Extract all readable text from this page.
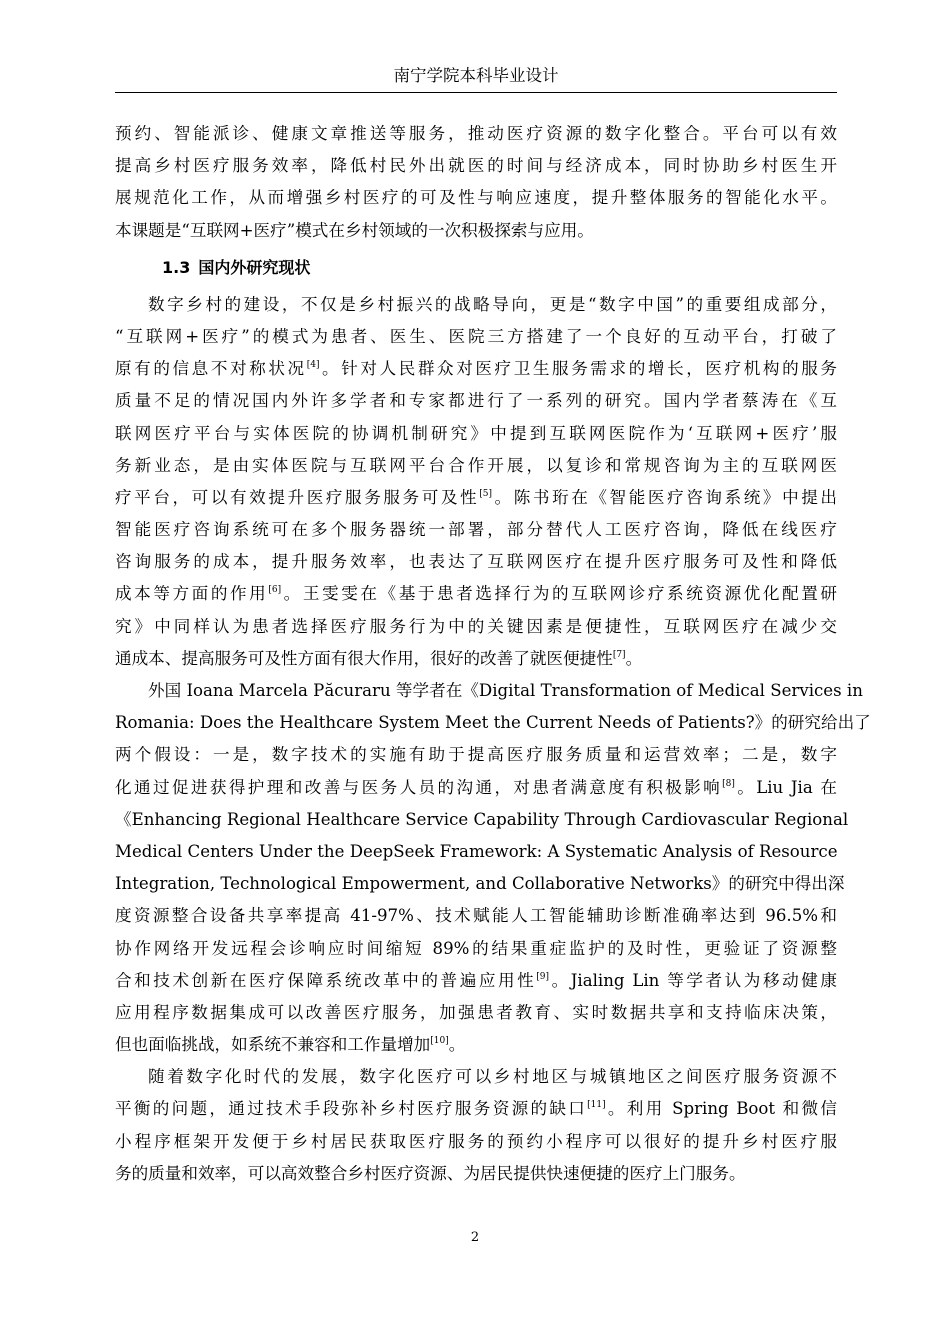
南宁学院本科毕业设计
预约、智能派诊、健康文章推送等服务，推动医疗资源的数字化整合。平台可以有效
提高乡村医疗服务效率，降低村民外出就医的时间与经济成本，同时协助乡村医生开
展规范化工作，从而增强乡村医疗的可及性与响应速度，提升整体服务的智能化水平。
本课题是“互联网+医疗”模式在乡村领域的一次积极探索与应用。
1.3 国内外研究现状
数字乡村的建设，不仅是乡村振兴的战略导向，更是“数字中国”的重要组成部分，
“互联网+医疗”的模式为患者、医生、医院三方搭建了一个良好的互动平台，打破了
原有的信息不对称状况[4]。针对人民群众对医疗卫生服务需求的增长，医疗机构的服务
质量不足的情况国内外许多学者和专家都进行了一系列的研究。国内学者蔡涛在《互
联网医疗平台与实体医院的协调机制研究》中提到互联网医院作为‘互联网+医疗’服
务新业态，是由实体医院与互联网平台合作开展，以复诊和常规咨询为主的互联网医
疗平台，可以有效提升医疗服务服务可及性[5]。陈书珩在《智能医疗咨询系统》中提出
智能医疗咨询系统可在多个服务器统一部署，部分替代人工医疗咨询，降低在线医疗
咨询服务的成本，提升服务效率，也表达了互联网医疗在提升医疗服务可及性和降低
成本等方面的作用[6]。王雯雯在《基于患者选择行为的互联网诊疗系统资源优化配置研
究》中同样认为患者选择医疗服务行为中的关键因素是便捷性，互联网医疗在减少交
通成本、提高服务可及性方面有很大作用，很好的改善了就医便捷性[7]。
外国 Ioana Marcela Păcuraru 等学者在《Digital Transformation of Medical Services in
Romania: Does the Healthcare System Meet the Current Needs of Patients?》的研究给出了
两个假设：一是，数字技术的实施有助于提高医疗服务质量和运营效率；二是，数字
化通过促进获得护理和改善与医务人员的沟通，对患者满意度有积极影响[8]。Liu Jia 在
《Enhancing Regional Healthcare Service Capability Through Cardiovascular Regional
Medical Centers Under the DeepSeek Framework: A Systematic Analysis of Resource
Integration, Technological Empowerment, and Collaborative Networks》的研究中得出深
度资源整合设备共享率提高 41-97%、技术赋能人工智能辅助诊断准确率达到 96.5%和
协作网络开发远程会诊响应时间缩短 89%的结果重症监护的及时性，更验证了资源整
合和技术创新在医疗保障系统改革中的普遍应用性[9]。Jialing Lin 等学者认为移动健康
应用程序数据集成可以改善医疗服务，加强患者教育、实时数据共享和支持临床决策，
但也面临挑战，如系统不兼容和工作量增加[10]。
随着数字化时代的发展，数字化医疗可以乡村地区与城镇地区之间医疗服务资源不
平衡的问题，通过技术手段弥补乡村医疗服务资源的缺口[11]。利用 Spring Boot 和微信
小程序框架开发便于乡村居民获取医疗服务的预约小程序可以很好的提升乡村医疗服
务的质量和效率，可以高效整合乡村医疗资源、为居民提供快速便捷的医疗上门服务。
2
